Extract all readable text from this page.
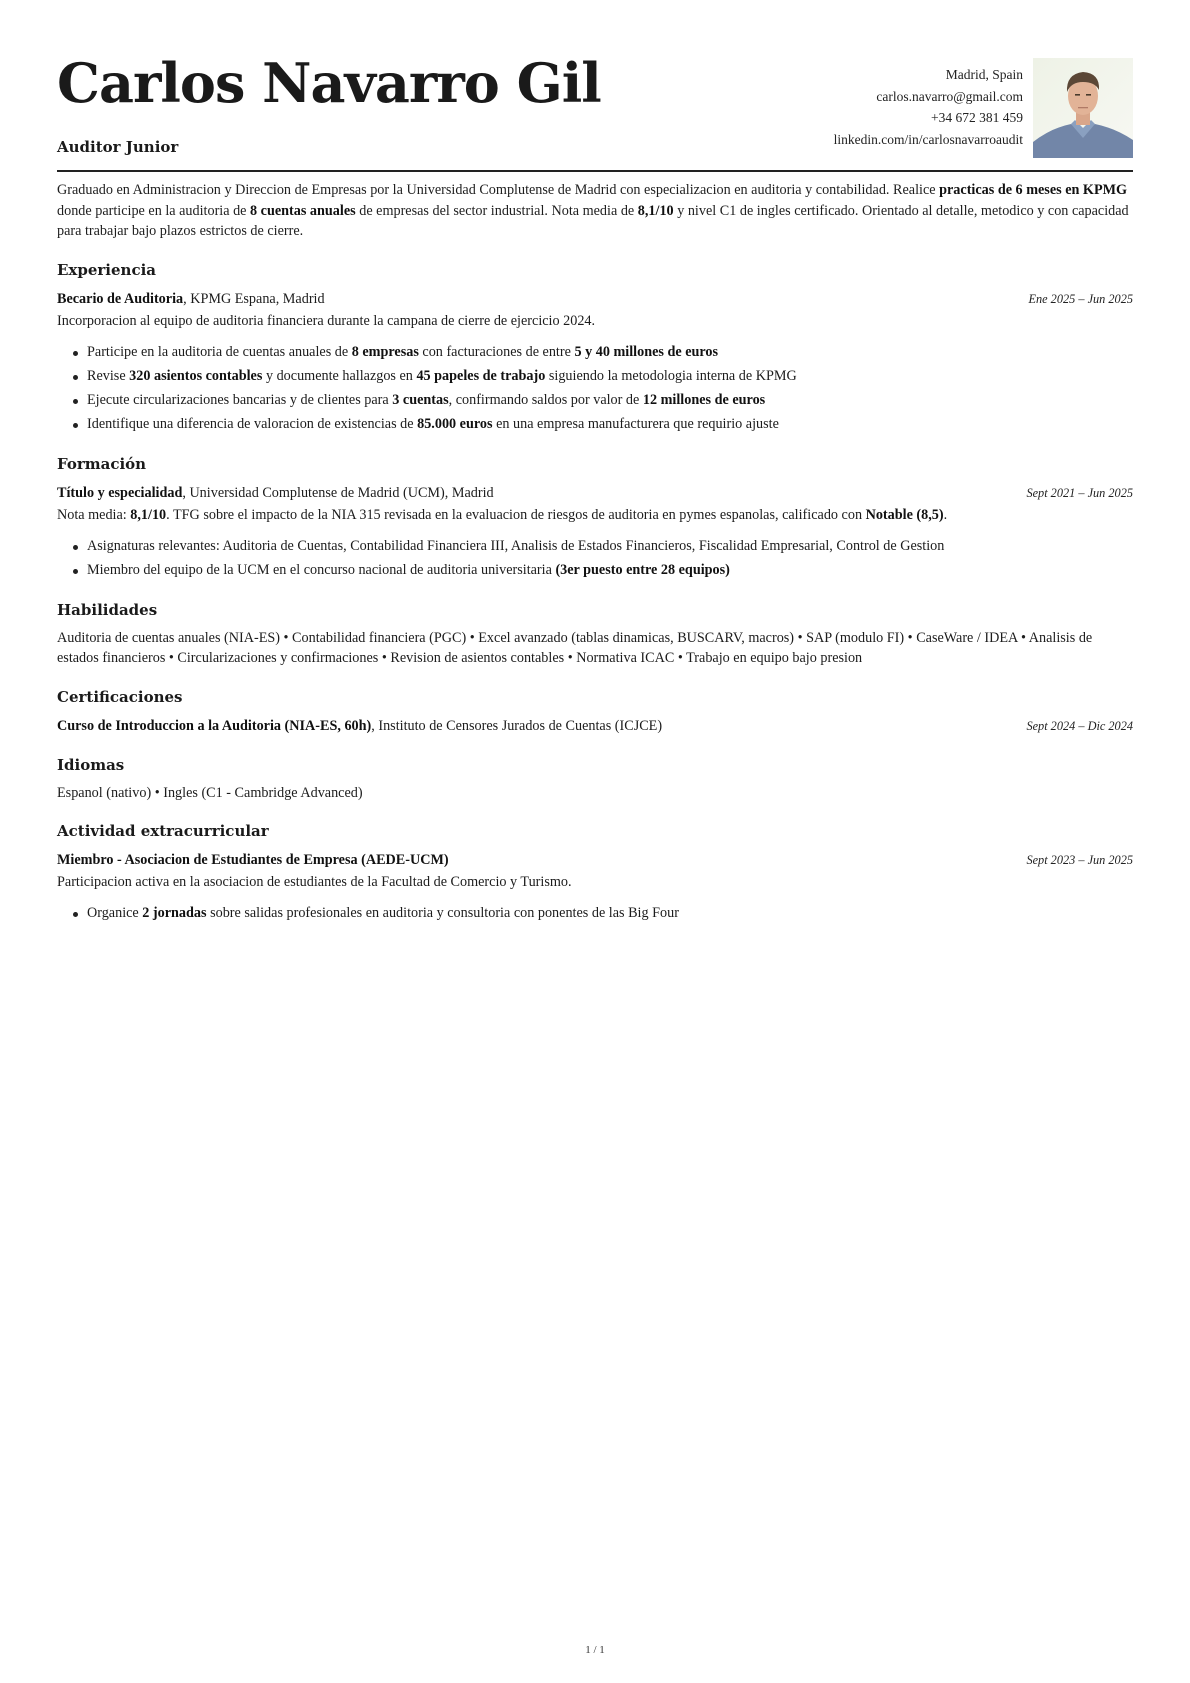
Carlos Navarro Gil
Auditor Junior
Madrid, Spain
carlos.navarro@gmail.com
+34 672 381 459
linkedin.com/in/carlosnavarroaudit
Graduado en Administracion y Direccion de Empresas por la Universidad Complutense de Madrid con especializacion en auditoria y contabilidad. Realice practicas de 6 meses en KPMG donde participe en la auditoria de 8 cuentas anuales de empresas del sector industrial. Nota media de 8,1/10 y nivel C1 de ingles certificado. Orientado al detalle, metodico y con capacidad para trabajar bajo plazos estrictos de cierre.
Experiencia
Becario de Auditoria, KPMG Espana, Madrid	Ene 2025 – Jun 2025
Incorporacion al equipo de auditoria financiera durante la campana de cierre de ejercicio 2024.
Participe en la auditoria de cuentas anuales de 8 empresas con facturaciones de entre 5 y 40 millones de euros
Revise 320 asientos contables y documente hallazgos en 45 papeles de trabajo siguiendo la metodologia interna de KPMG
Ejecute circularizaciones bancarias y de clientes para 3 cuentas, confirmando saldos por valor de 12 millones de euros
Identifique una diferencia de valoracion de existencias de 85.000 euros en una empresa manufacturera que requirio ajuste
Formación
Título y especialidad, Universidad Complutense de Madrid (UCM), Madrid	Sept 2021 – Jun 2025
Nota media: 8,1/10. TFG sobre el impacto de la NIA 315 revisada en la evaluacion de riesgos de auditoria en pymes espanolas, calificado con Notable (8,5).
Asignaturas relevantes: Auditoria de Cuentas, Contabilidad Financiera III, Analisis de Estados Financieros, Fiscalidad Empresarial, Control de Gestion
Miembro del equipo de la UCM en el concurso nacional de auditoria universitaria (3er puesto entre 28 equipos)
Habilidades
Auditoria de cuentas anuales (NIA-ES) • Contabilidad financiera (PGC) • Excel avanzado (tablas dinamicas, BUSCARV, macros) • SAP (modulo FI) • CaseWare / IDEA • Analisis de estados financieros • Circularizaciones y confirmaciones • Revision de asientos contables • Normativa ICAC • Trabajo en equipo bajo presion
Certificaciones
Curso de Introduccion a la Auditoria (NIA-ES, 60h), Instituto de Censores Jurados de Cuentas (ICJCE)	Sept 2024 – Dic 2024
Idiomas
Espanol (nativo) • Ingles (C1 - Cambridge Advanced)
Actividad extracurricular
Miembro - Asociacion de Estudiantes de Empresa (AEDE-UCM)	Sept 2023 – Jun 2025
Participacion activa en la asociacion de estudiantes de la Facultad de Comercio y Turismo.
Organice 2 jornadas sobre salidas profesionales en auditoria y consultoria con ponentes de las Big Four
1 / 1
